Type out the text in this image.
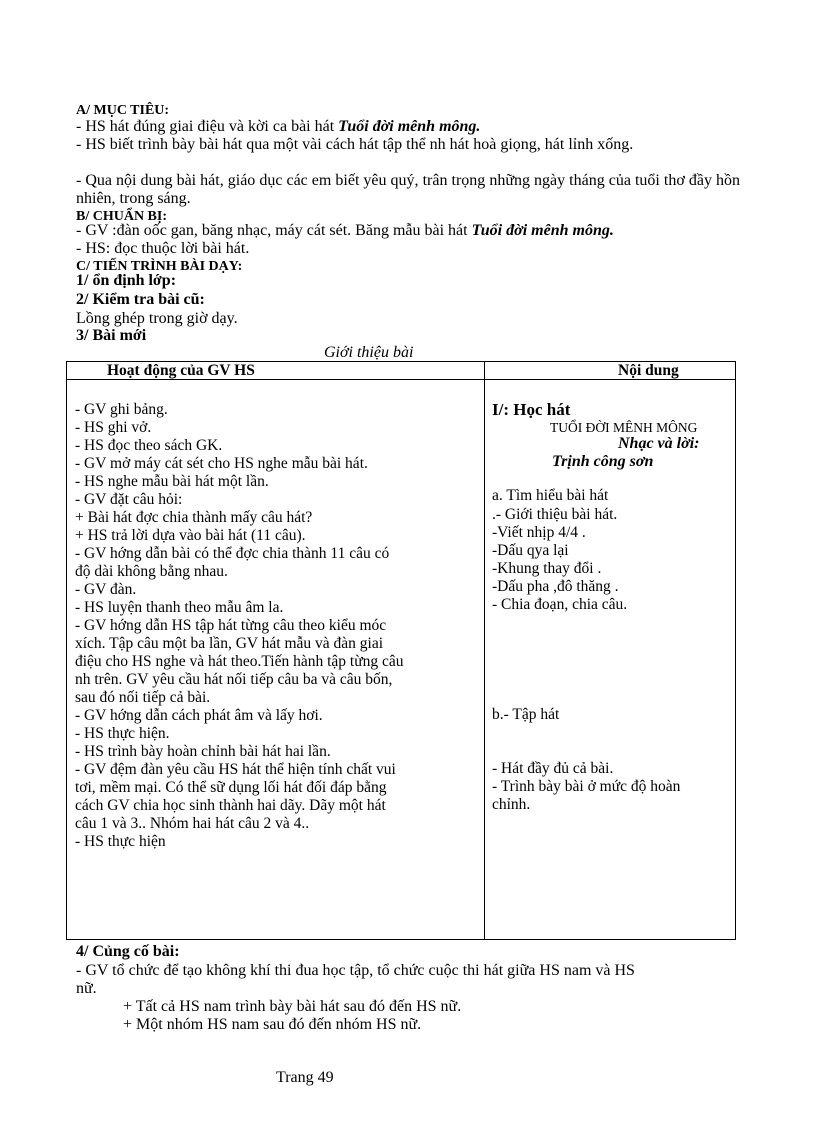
A/ MỤC TIÊU:
- HS hát đúng giai điệu và kời ca bài hát Tuổi đời mênh mông.
- HS biết trình bày bài hát qua một vài cách hát tập thể nh hát hoà giọng, hát lỉnh xống.
- Qua nội dung bài hát, giáo dục các em biết yêu quý, trân trọng những ngày tháng của tuổi thơ đầy hồn nhiên, trong sáng.
B/ CHUẨN BỊ:
- GV :đàn oốc gan, băng nhạc, máy cát sét. Băng mẫu bài hát Tuổi đời mênh mông.
- HS: đọc thuộc lời bài hát.
C/ TIẾN TRÌNH BÀI DẠY:
1/ ổn định lớp:
2/ Kiểm tra bài cũ:
Lồng ghép trong giờ dạy.
3/ Bài mới
Giới thiệu bài
Hoạt động của GV HS	Nội dung
- GV ghi bảng.
- HS ghi vở.
- HS đọc theo sách GK.
- GV mở máy cát sét cho HS nghe mẫu bài hát.
- HS nghe mẫu bài hát một lần.
- GV đặt câu hỏi:
+ Bài hát đợc chia thành mấy câu hát?
+ HS trả lời dựa vào bài hát (11 câu).
- GV hớng dẫn bài có thể đợc chia thành 11 câu có
độ dài không bằng nhau.
- GV đàn.
- HS luyện thanh theo mẫu âm la.
- GV hớng dẫn HS tập hát từng câu theo kiểu móc
xích. Tập câu một ba lần, GV hát mẫu và đàn giai
điệu cho HS nghe và hát theo.Tiến hành tập từng câu
nh trên. GV yêu cầu hát nối tiếp câu ba và câu bốn,
sau đó nối tiếp cả bài.
- GV hớng dẫn cách phát âm và lấy hơi.
- HS thực hiện.
- HS trình bày hoàn chỉnh bài hát hai lần.
- GV đệm đàn yêu cầu HS hát thể hiện tính chất vui
tơi, mềm mại. Có thể sữ dụng lối hát đối đáp bằng
cách GV chia học sinh thành hai dãy. Dãy một hát
câu 1 và 3.. Nhóm hai hát câu 2 và 4..
- HS thực hiện
I/: Học hát
TUỔI ĐỜI MÊNH MÔNG
Nhạc và lời:
Trịnh công sơn
a. Tìm hiểu bài hát
.- Giới thiệu bài hát.
-Viết nhịp 4/4 .
-Dấu qya lại
-Khung thay đổi .
-Dấu pha ,đô thăng .
- Chia đoạn, chia câu.
b.- Tập hát
- Hát đầy đủ cả bài.
- Trình bày bài ở mức độ hoàn
chỉnh.
4/ Củng cố bài:
- GV tổ chức để tạo không khí thi đua học tập, tổ chức cuộc thi hát giữa HS nam và HS
nữ.
+ Tất cả HS nam trình bày bài hát sau đó đến HS nữ.
+ Một nhóm HS nam sau đó đến nhóm HS nữ.
Trang 49
